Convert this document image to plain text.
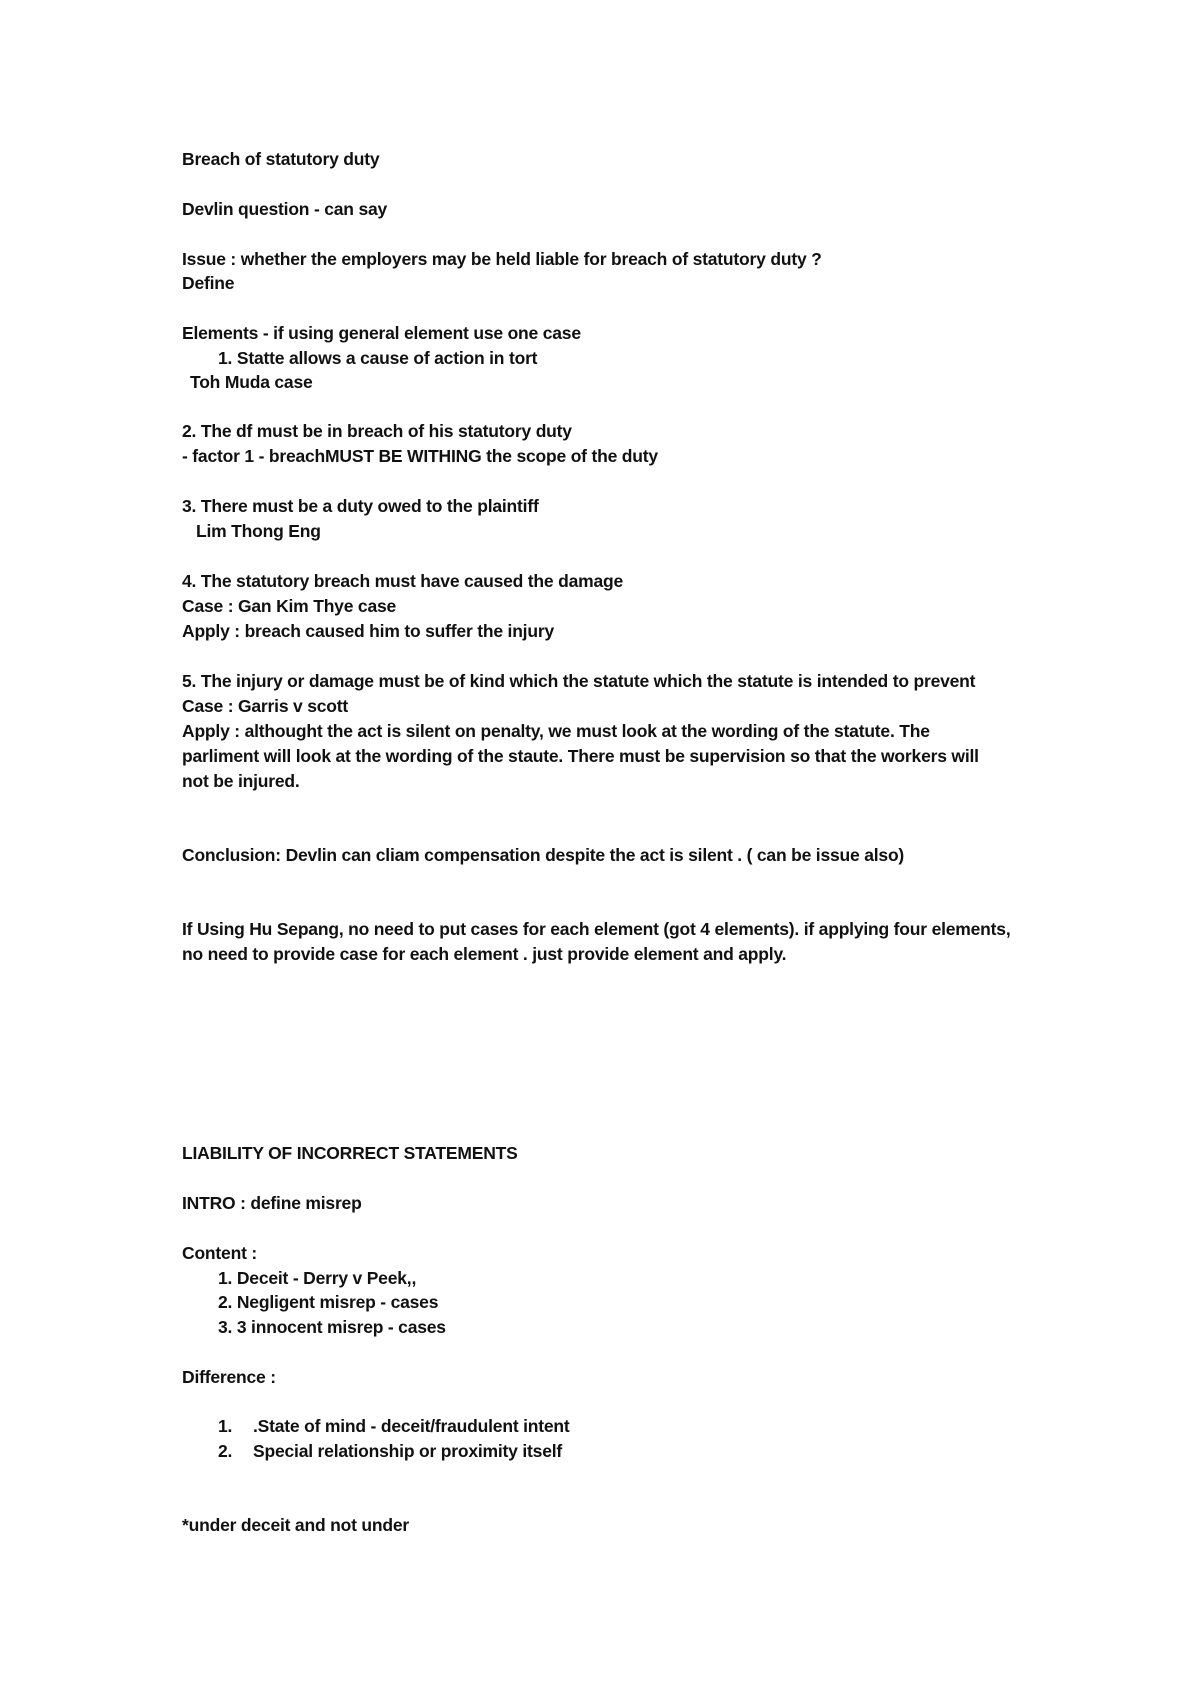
Breach of statutory duty
Devlin question - can say
Issue : whether the employers may be held liable for breach of statutory duty ?
Define
Elements - if using general element use one case
1. Statte allows a cause of action in tort
Toh Muda case
2. The df must be in breach of his statutory duty
- factor 1 - breachMUST BE WITHING the scope of the duty
3. There must be a duty owed to the plaintiff
Lim Thong Eng
4. The statutory breach must have caused the damage
Case : Gan Kim Thye case
Apply : breach caused him to suffer the injury
5. The injury or damage must be of kind which the statute which the statute is intended to prevent
Case : Garris v scott
Apply : althought the act is silent on penalty, we must look at the wording of the statute. The
parliment will look at the wording of the staute. There must be supervision so that the workers will
not be injured.
Conclusion: Devlin can cliam compensation despite the act is silent . ( can be issue also)
If Using Hu Sepang, no need to put cases for each element (got 4 elements). if applying four elements,
no need to provide case for each element . just provide element and apply.
LIABILITY OF INCORRECT STATEMENTS
INTRO : define misrep
Content :
1. Deceit - Derry v Peek,,
2. Negligent misrep - cases
3. 3 innocent misrep - cases
Difference :
1. .State of mind - deceit/fraudulent intent
2. Special relationship or proximity itself
*under deceit and not under
